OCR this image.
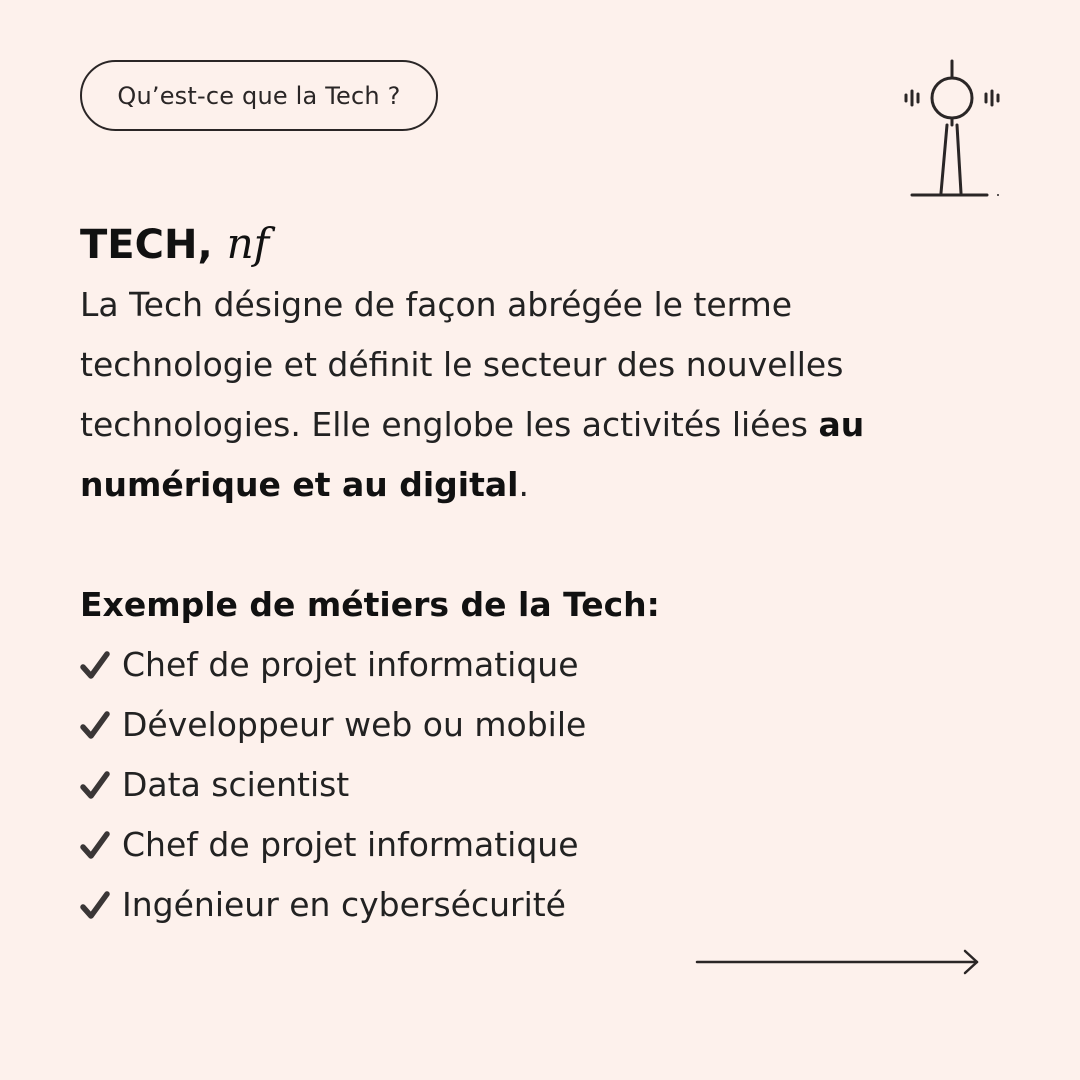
Qu’est-ce que la Tech ?

TECH, nf

La Tech désigne de façon abrégée le terme technologie et définit le secteur des nouvelles technologies. Elle englobe les activités liées au numérique et au digital.

Exemple de métiers de la Tech:

Chef de projet informatique
Développeur web ou mobile
Data scientist
Chef de projet informatique
Ingénieur en cybersécurité
